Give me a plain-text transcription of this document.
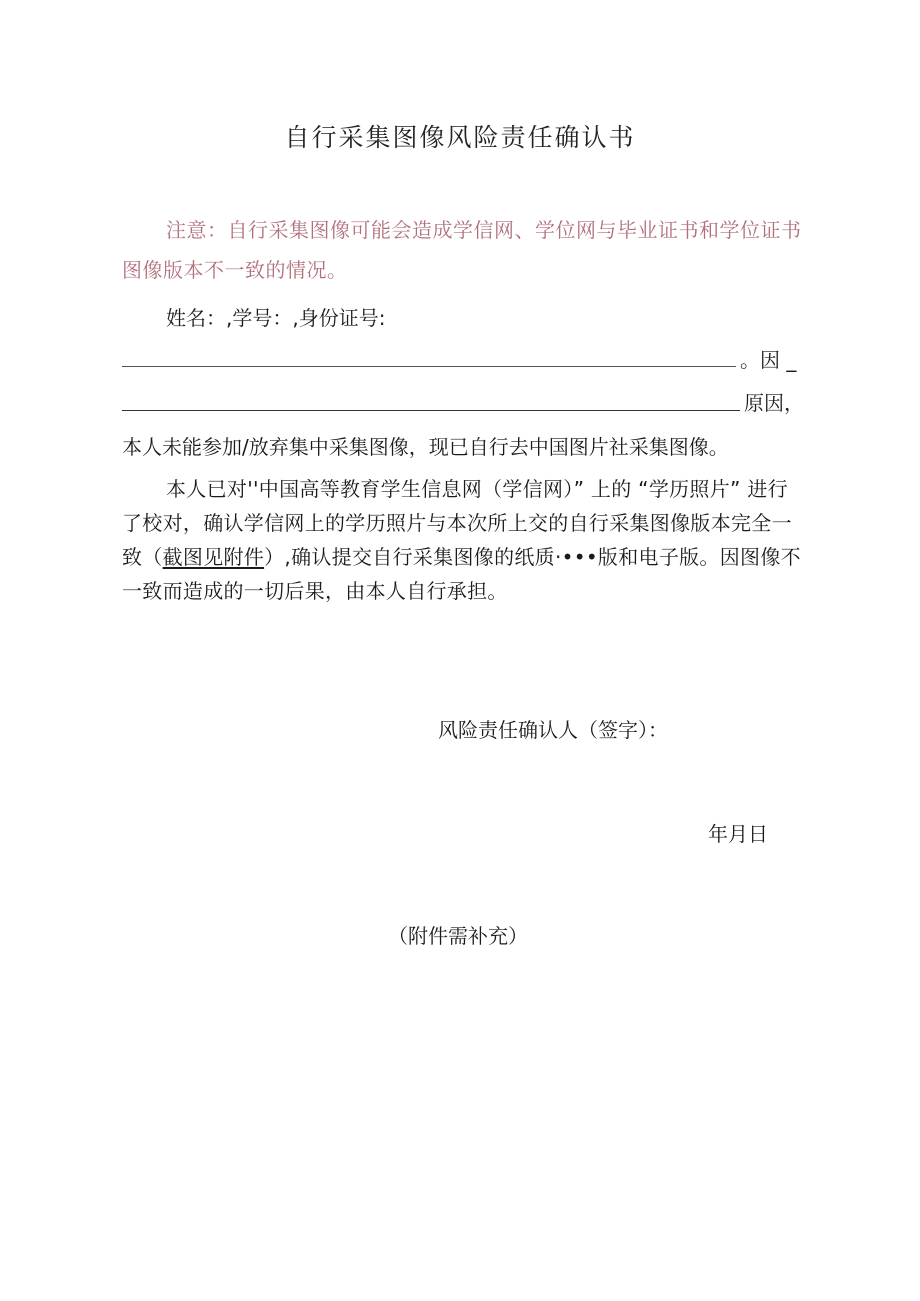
自行采集图像风险责任确认书
注意：自行采集图像可能会造成学信网、学位网与毕业证书和学位证书图像版本不一致的情况。
姓名：,学号：,身份证号:
。因 _
原因，
本人未能参加/放弃集中采集图像，现已自行去中国图片社采集图像。
本人已对''中国高等教育学生信息网（学信网）” 上的 “学历照片” 进行了校对，确认学信网上的学历照片与本次所上交的自行采集图像版本完全一致（截图见附件）,确认提交自行采集图像的纸质·•••版和电子版。因图像不一致而造成的一切后果，由本人自行承担。
风险责任确认人（签字）：
年月日
（附件需补充）
